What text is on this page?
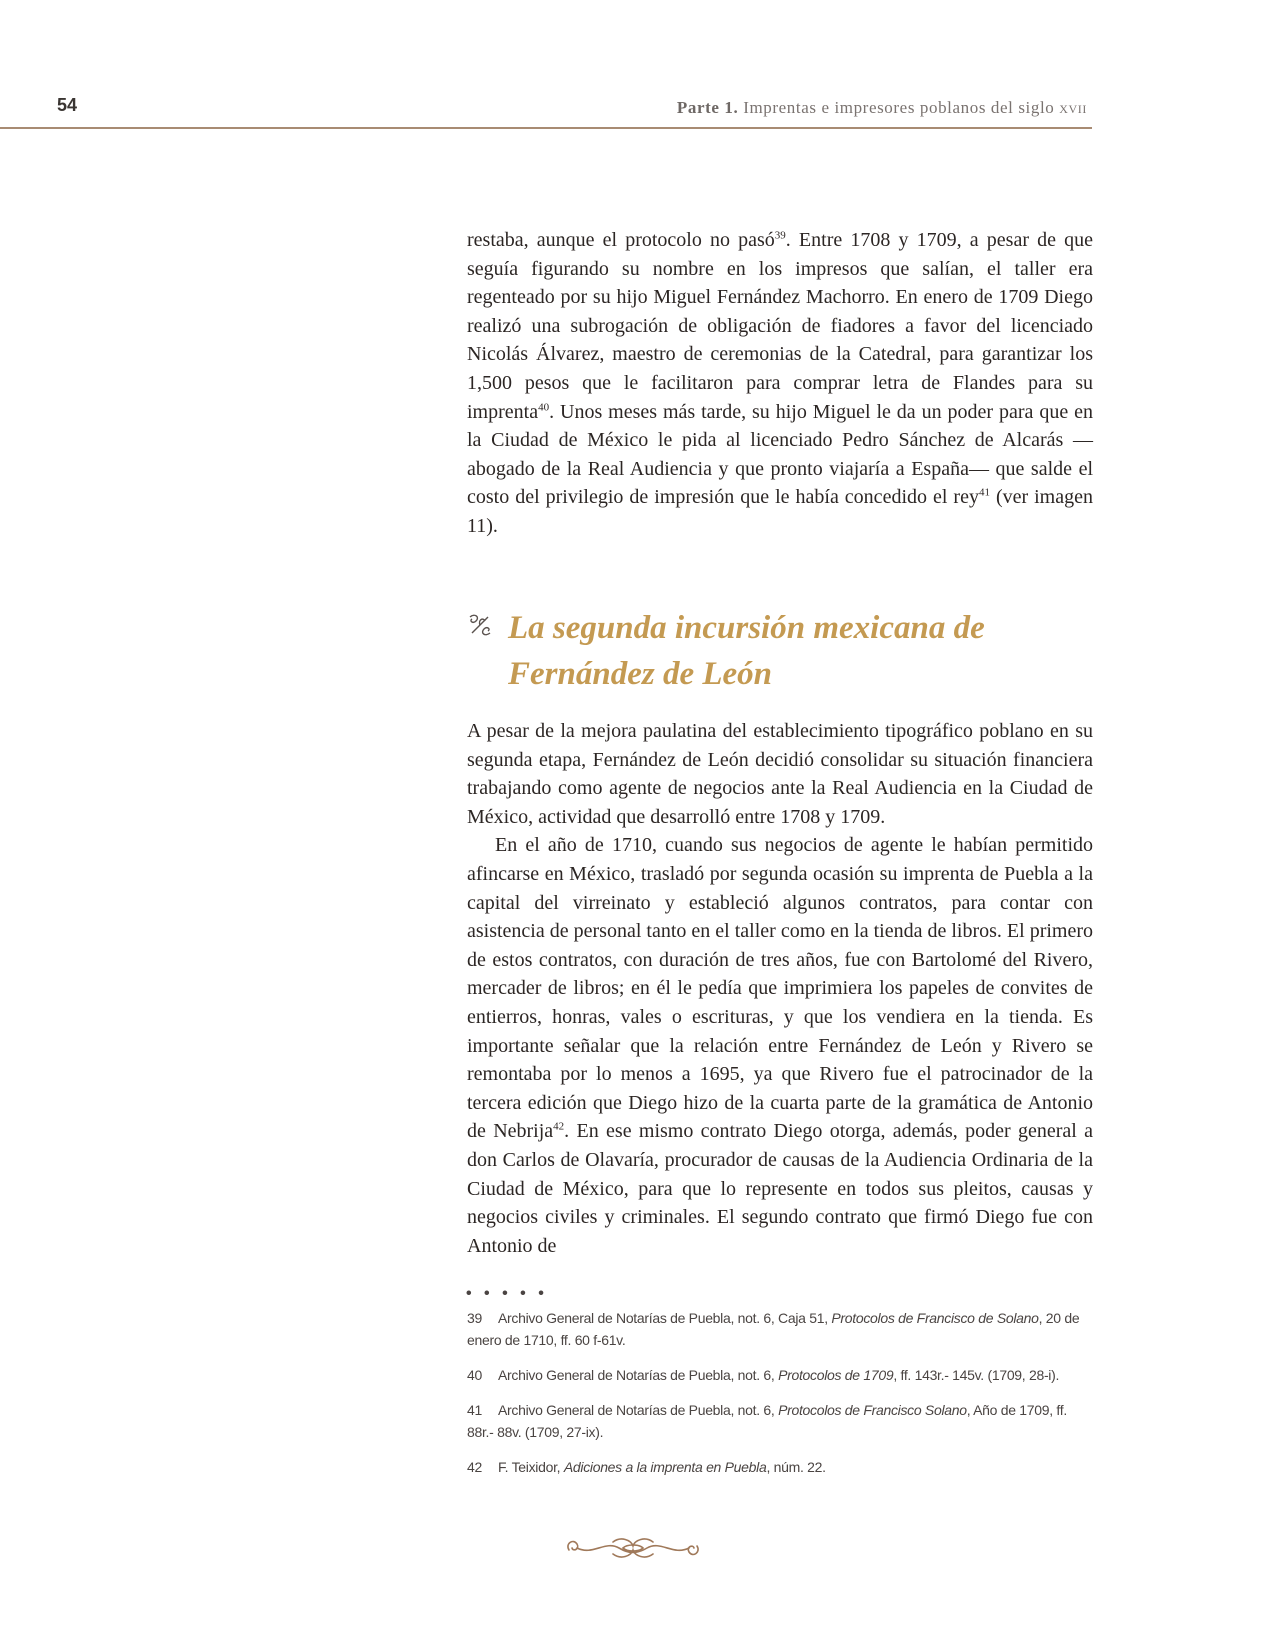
54	Parte 1. Imprentas e impresores poblanos del siglo xvii

restaba, aunque el protocolo no pasó$^{39}$. Entre 1708 y 1709, a pesar de que seguía figurando su nombre en los impresos que salían, el taller era regenteado por su hijo Miguel Fernández Machorro. En enero de 1709 Diego realizó una subrogación de obligación de fiadores a favor del licenciado Nicolás Álvarez, maestro de ceremonias de la Catedral, para garantizar los 1,500 pesos que le facilitaron para comprar letra de Flandes para su imprenta$^{40}$. Unos meses más tarde, su hijo Miguel le da un poder para que en la Ciudad de México le pida al licenciado Pedro Sánchez de Alcarás —abogado de la Real Audiencia y que pronto viajaría a España— que salde el costo del privilegio de impresión que le había concedido el rey$^{41}$ (ver imagen 11).

La segunda incursión mexicana de Fernández de León

A pesar de la mejora paulatina del establecimiento tipográfico poblano en su segunda etapa, Fernández de León decidió consolidar su situación financiera trabajando como agente de negocios ante la Real Audiencia en la Ciudad de México, actividad que desarrolló entre 1708 y 1709.

En el año de 1710, cuando sus negocios de agente le habían permitido afincarse en México, trasladó por segunda ocasión su imprenta de Puebla a la capital del virreinato y estableció algunos contratos, para contar con asistencia de personal tanto en el taller como en la tienda de libros. El primero de estos contratos, con duración de tres años, fue con Bartolomé del Rivero, mercader de libros; en él le pedía que imprimiera los papeles de convites de entierros, honras, vales o escrituras, y que los vendiera en la tienda. Es importante señalar que la relación entre Fernández de León y Rivero se remontaba por lo menos a 1695, ya que Rivero fue el patrocinador de la tercera edición que Diego hizo de la cuarta parte de la gramática de Antonio de Nebrija$^{42}$. En ese mismo contrato Diego otorga, además, poder general a don Carlos de Olavaría, procurador de causas de la Audiencia Ordinaria de la Ciudad de México, para que lo represente en todos sus pleitos, causas y negocios civiles y criminales. El segundo contrato que firmó Diego fue con Antonio de

• • • • •

39 Archivo General de Notarías de Puebla, not. 6, Caja 51, Protocolos de Francisco de Solano, 20 de enero de 1710, ff. 60 f-61v.

40 Archivo General de Notarías de Puebla, not. 6, Protocolos de 1709, ff. 143r.- 145v. (1709, 28-i).

41 Archivo General de Notarías de Puebla, not. 6, Protocolos de Francisco Solano, Año de 1709, ff. 88r.- 88v. (1709, 27-ix).

42 F. Teixidor, Adiciones a la imprenta en Puebla, núm. 22.
